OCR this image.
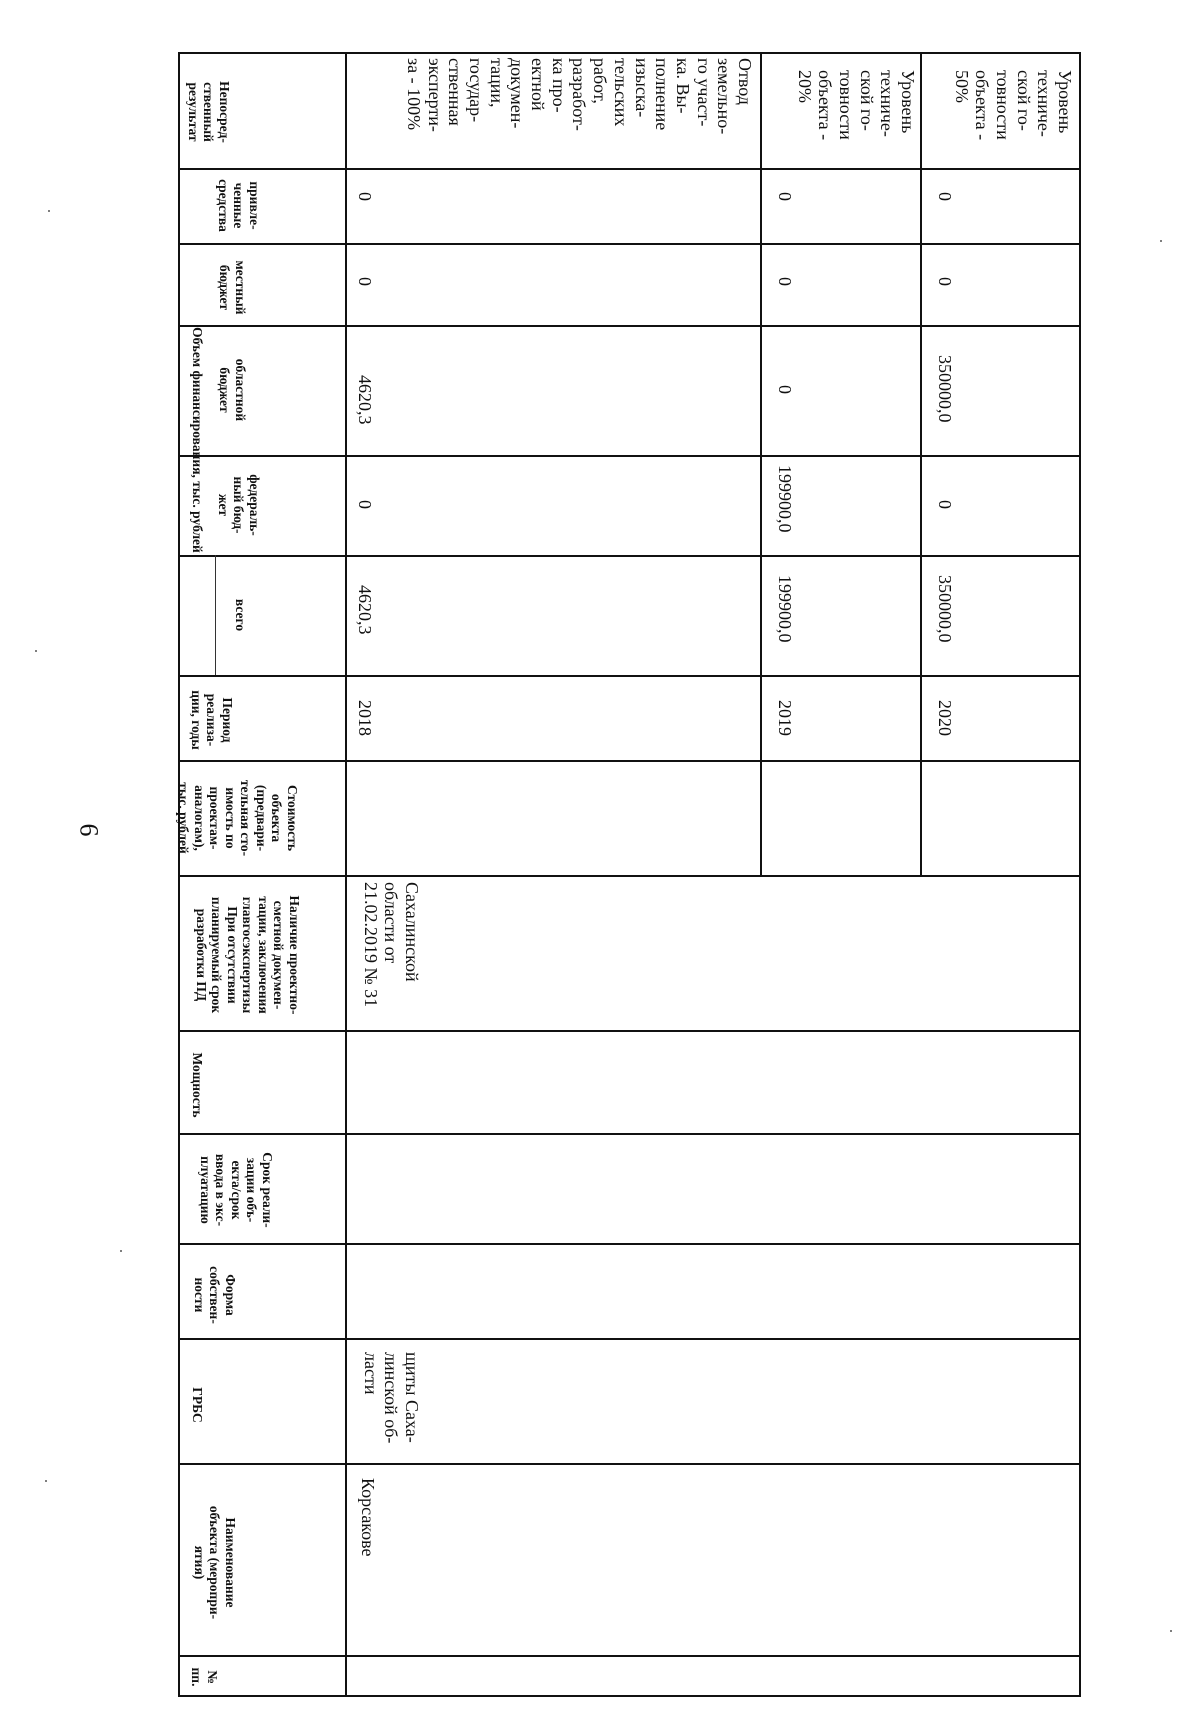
6
Непосред-
ственный
результат
привле-
ченные
средства
местный
бюджет
областной
бюджет
федераль-
ный бюд-
жет
всего
Объем финансирования, тыс. рублей
Период
реализа-
ции, годы
Стоимость
объекта
(предвари-
тельная сто-
имость по
проектам-
аналогам),
тыс. рублей
Наличие проектно-
сметной докумен-
тации, заключения
главгосэкспертизы
При отсутствии
планируемый срок
разработки ПД
Мощность
Срок реали-
зации объ-
екта/срок
ввода в экс-
плуатацию
Форма
собствен-
ности
ГРБС
Наименование
объекта (меропри-
ятия)
№
пп.
Корсакове
щиты Саха-
линской об-
ласти
Сахалинской
области от
21.02.2019 № 31
2018
4620,3
0
4620,3
0
0
Отвод
земельно-
го участ-
ка. Вы-
полнение
изыска-
тельских
работ,
разработ-
ка про-
ектной
докумен-
тации,
государ-
ственная
эксперти-
за - 100%
2019
199900,0
199900,0
0
0
0
Уровень
техниче-
ской го-
товности
объекта -
20%
2020
350000,0
0
350000,0
0
0
Уровень
техниче-
ской го-
товности
объекта -
50%
